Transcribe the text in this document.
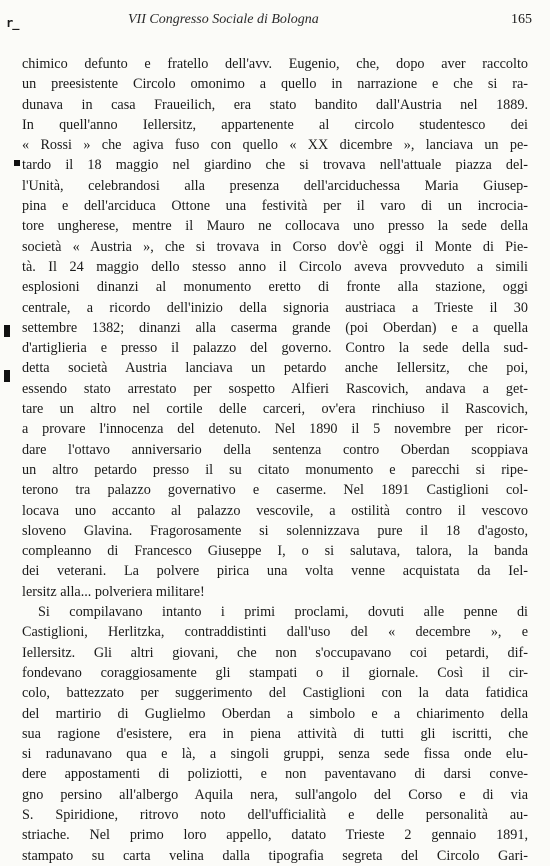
r_	VII Congresso Sociale di Bologna	165
chimico defunto e fratello dell'avv. Eugenio, che, dopo aver raccolto
un preesistente Circolo omonimo a quello in narrazione e che si ra-
dunava in casa Fraueilich, era stato bandito dall'Austria nel 1889.
In quell'anno Iellersitz, appartenente al circolo studentesco dei
« Rossi » che agiva fuso con quello « XX dicembre », lanciava un pe-
tardo il 18 maggio nel giardino che si trovava nell'attuale piazza del-
l'Unità, celebrandosi alla presenza dell'arciduchessa Maria Giusep-
pina e dell'arciduca Ottone una festività per il varo di un incrocia-
tore ungherese, mentre il Mauro ne collocava uno presso la sede della
società « Austria », che si trovava in Corso dov'è oggi il Monte di Pie-
tà. Il 24 maggio dello stesso anno il Circolo aveva provveduto a simili
esplosioni dinanzi al monumento eretto di fronte alla stazione, oggi
centrale, a ricordo dell'inizio della signoria austriaca a Trieste il 30
settembre 1382; dinanzi alla caserma grande (poi Oberdan) e a quella
d'artiglieria e presso il palazzo del governo. Contro la sede della sud-
detta società Austria lanciava un petardo anche Iellersitz, che poi,
essendo stato arrestato per sospetto Alfieri Rascovich, andava a get-
tare un altro nel cortile delle carceri, ov'era rinchiuso il Rascovich,
a provare l'innocenza del detenuto. Nel 1890 il 5 novembre per ricor-
dare l'ottavo anniversario della sentenza contro Oberdan scoppiava
un altro petardo presso il su citato monumento e parecchi si ripe-
terono tra palazzo governativo e caserme. Nel 1891 Castiglioni col-
locava uno accanto al palazzo vescovile, a ostilità contro il vescovo
sloveno Glavina. Fragorosamente si solennizzava pure il 18 d'agosto,
compleanno di Francesco Giuseppe I, o si salutava, talora, la banda
dei veterani. La polvere pirica una volta venne acquistata da Iel-
lersitz alla... polveriera militare!
Si compilavano intanto i primi proclami, dovuti alle penne di
Castiglioni, Herlitzka, contraddistinti dall'uso del « decembre », e
Iellersitz. Gli altri giovani, che non s'occupavano coi petardi, dif-
fondevano coraggiosamente gli stampati o il giornale. Così il cir-
colo, battezzato per suggerimento del Castiglioni con la data fatidica
del martirio di Guglielmo Oberdan a simbolo e a chiarimento della
sua ragione d'esistere, era in piena attività di tutti gli iscritti, che
si radunavano qua e là, a singoli gruppi, senza sede fissa onde elu-
dere appostamenti di poliziotti, e non paventavano di darsi conve-
gno persino all'albergo Aquila nera, sull'angolo del Corso e di via
S. Spiridione, ritrovo noto dell'ufficialità e delle personalità au-
striache. Nel primo loro appello, datato Trieste 2 gennaio 1891,
stampato su carta velina dalla tipografia segreta del Circolo Gari-
